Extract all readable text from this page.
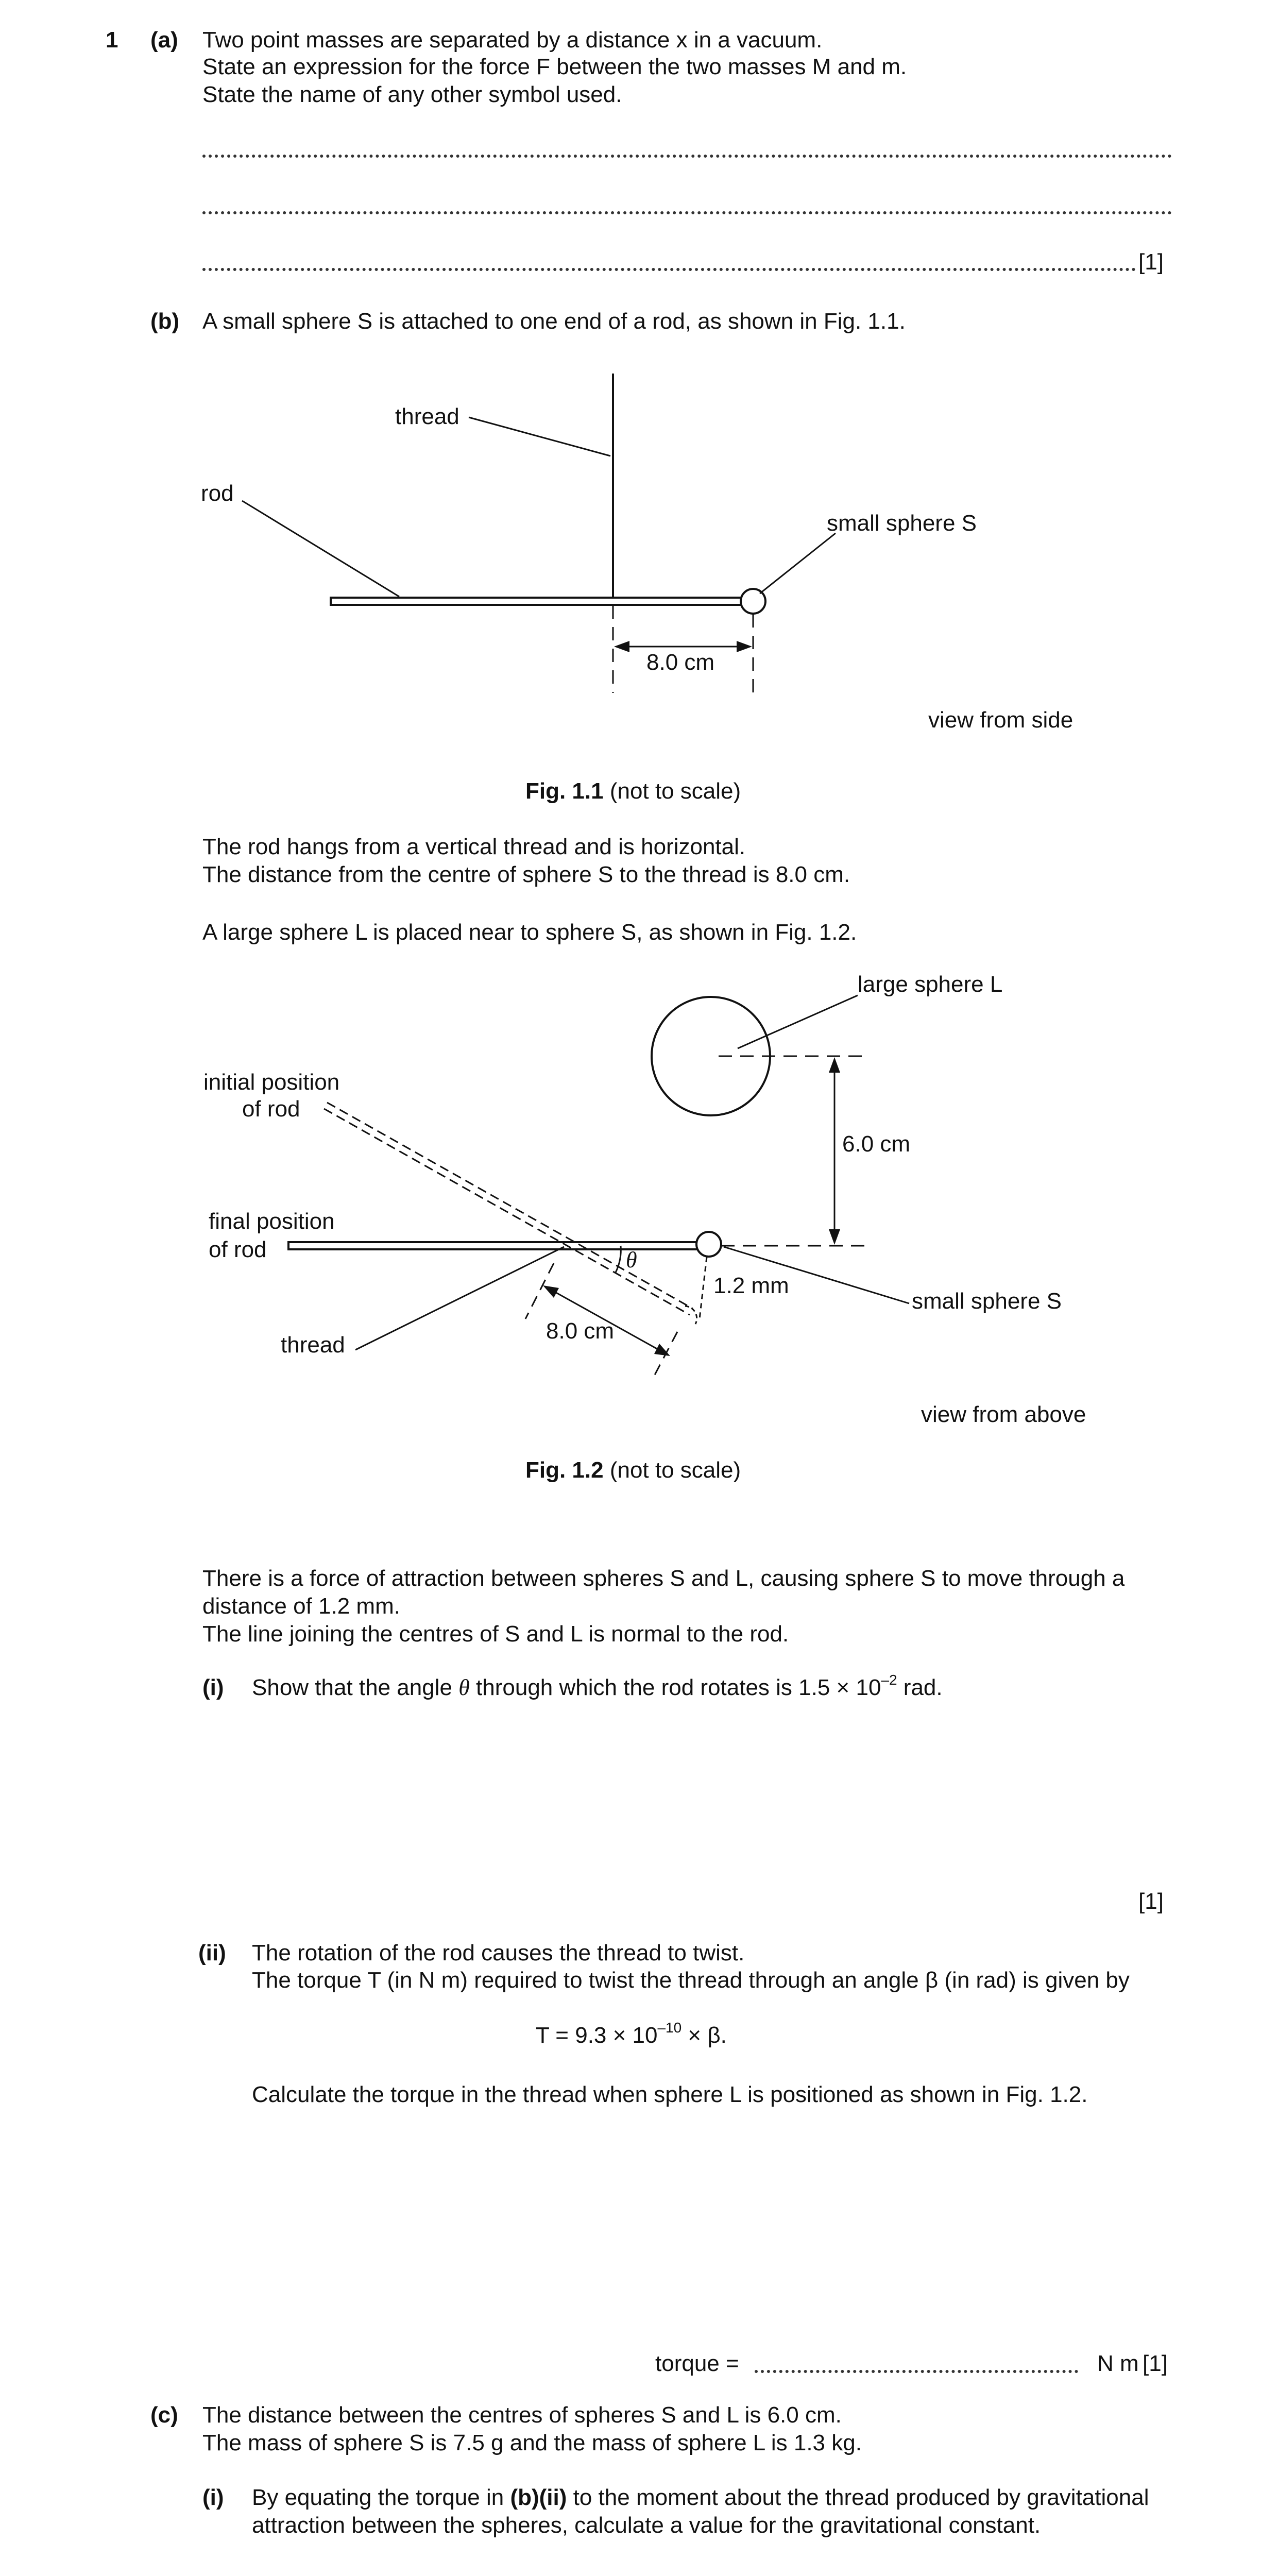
1 (a) Two point masses are separated by a distance x in a vacuum.
State an expression for the force F between the two masses M and m.
State the name of any other symbol used.
[1]
(b) A small sphere S is attached to one end of a rod, as shown in Fig. 1.1.
thread
rod
small sphere S
8.0 cm
view from side
Fig. 1.1 (not to scale)
The rod hangs from a vertical thread and is horizontal.
The distance from the centre of sphere S to the thread is 8.0 cm.
A large sphere L is placed near to sphere S, as shown in Fig. 1.2.
large sphere L
initial position
of rod
6.0 cm
final position
of rod	θ
1.2 mm
small sphere S
8.0 cm
thread
view from above
Fig. 1.2 (not to scale)
There is a force of attraction between spheres S and L, causing sphere S to move through a
distance of 1.2 mm.
The line joining the centres of S and L is normal to the rod.
(i) Show that the angle θ through which the rod rotates is $1.5 \times 10^{-2}$ rad.
[1]
(ii) The rotation of the rod causes the thread to twist.
The torque T (in N m) required to twist the thread through an angle β (in rad) is given by
$T = 9.3 \times 10^{-10} \times \beta$.
Calculate the torque in the thread when sphere L is positioned as shown in Fig. 1.2.
torque =	N m [1]
(c) The distance between the centres of spheres S and L is 6.0 cm.
The mass of sphere S is 7.5 g and the mass of sphere L is 1.3 kg.
(i) By equating the torque in (b)(ii) to the moment about the thread produced by gravitational
attraction between the spheres, calculate a value for the gravitational constant.
